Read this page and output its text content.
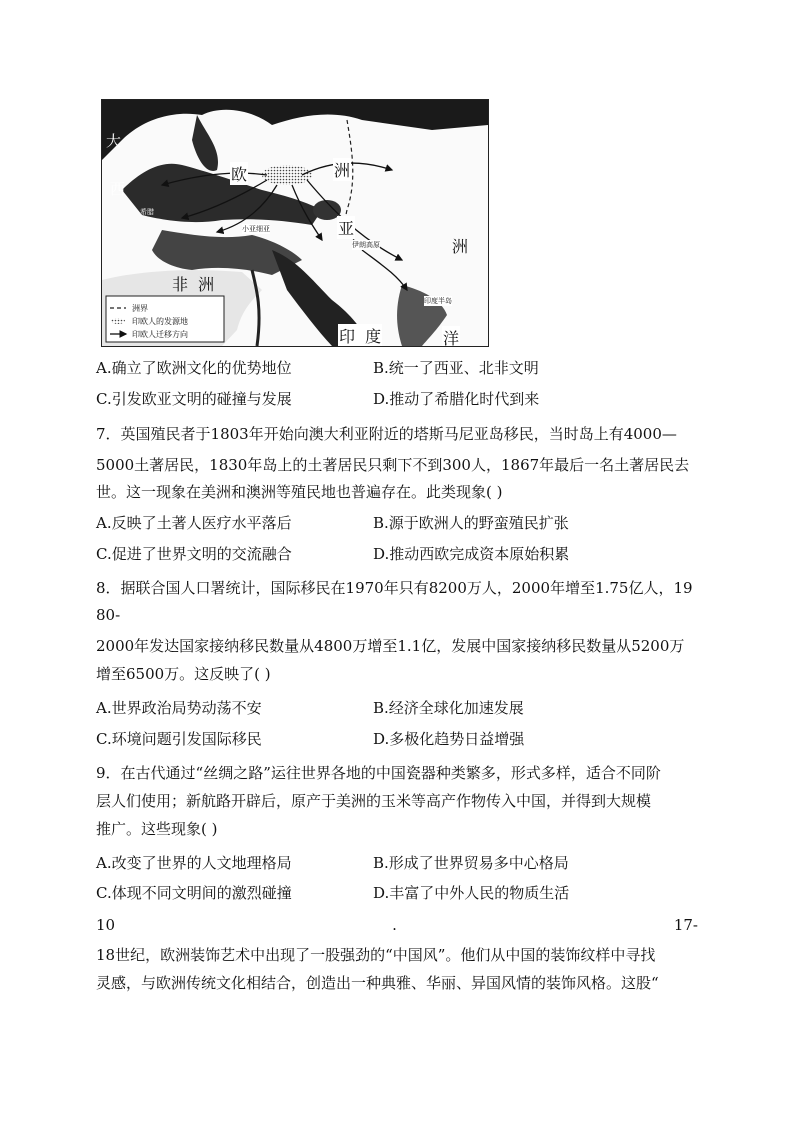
大
西
欧	洲
亚
洲
非  洲
印  度	洋
伊朗高原
印度半岛
小亚细亚
希腊
洲界
印欧人的发源地
印欧人迁移方向
A.确立了欧洲文化的优势地位	B.统一了西亚、北非文明
C.引发欧亚文明的碰撞与发展	D.推动了希腊化时代到来
7．英国殖民者于1803年开始向澳大利亚附近的塔斯马尼亚岛移民，当时岛上有4000—
5000土著居民，1830年岛上的土著居民只剩下不到300人，1867年最后一名土著居民去
世。这一现象在美洲和澳洲等殖民地也普遍存在。此类现象( )
A.反映了土著人医疗水平落后	B.源于欧洲人的野蛮殖民扩张
C.促进了世界文明的交流融合	D.推动西欧完成资本原始积累
8．据联合国人口署统计，国际移民在1970年只有8200万人，2000年增至1.75亿人，19
80-
2000年发达国家接纳移民数量从4800万增至1.1亿，发展中国家接纳移民数量从5200万
增至6500万。这反映了( )
A.世界政治局势动荡不安	B.经济全球化加速发展
C.环境问题引发国际移民	D.多极化趋势日益增强
9．在古代通过“丝绸之路”运往世界各地的中国瓷器种类繁多，形式多样，适合不同阶
层人们使用；新航路开辟后，原产于美洲的玉米等高产作物传入中国，并得到大规模
推广。这些现象( )
A.改变了世界的人文地理格局	B.形成了世界贸易多中心格局
C.体现不同文明间的激烈碰撞	D.丰富了中外人民的物质生活
10	.	17-
18世纪，欧洲装饰艺术中出现了一股强劲的“中国风”。他们从中国的装饰纹样中寻找
灵感，与欧洲传统文化相结合，创造出一种典雅、华丽、异国风情的装饰风格。这股“
